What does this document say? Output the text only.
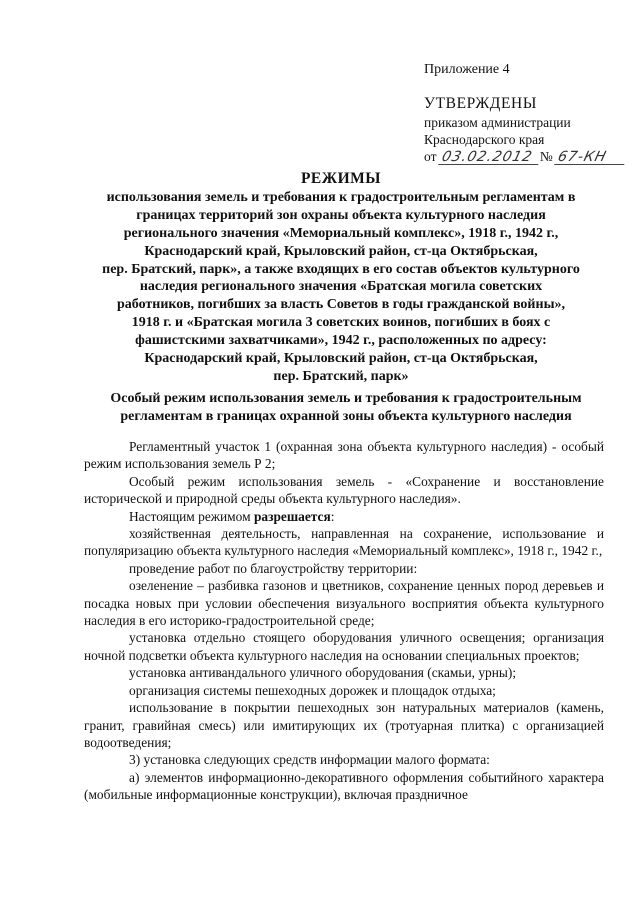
Приложение 4
УТВЕРЖДЕНЫ
приказом администрации
Краснодарского края
от 03.02.2012 № 67-КН
РЕЖИМЫ
использования земель и требования к градостроительным регламентам в
границах территорий зон охраны объекта культурного наследия
регионального значения «Мемориальный комплекс», 1918 г., 1942 г.,
Краснодарский край, Крыловский район, ст-ца Октябрьская,
пер. Братский, парк», а также входящих в его состав объектов культурного
наследия регионального значения «Братская могила советских
работников, погибших за власть Советов в годы гражданской войны»,
1918 г. и «Братская могила 3 советских воинов, погибших в боях с
фашистскими захватчиками», 1942 г., расположенных по адресу:
Краснодарский край, Крыловский район, ст-ца Октябрьская,
пер. Братский, парк»
Особый режим использования земель и требования к градостроительным
регламентам в границах охранной зоны объекта культурного наследия

Регламентный участок 1 (охранная зона объекта культурного наследия) - особый режим использования земель Р 2;

Особый режим использования земель - «Сохранение и восстановление исторической и природной среды объекта культурного наследия».

Настоящим режимом разрешается:

хозяйственная деятельность, направленная на сохранение, использование и популяризацию объекта культурного наследия «Мемориальный комплекс», 1918 г., 1942 г.,

проведение работ по благоустройству территории:

озеленение – разбивка газонов и цветников, сохранение ценных пород деревьев и посадка новых при условии обеспечения визуального восприятия объекта культурного наследия в его историко-градостроительной среде;

установка отдельно стоящего оборудования уличного освещения; организация ночной подсветки объекта культурного наследия на основании специальных проектов;

установка антивандального уличного оборудования (скамьи, урны);

организация системы пешеходных дорожек и площадок отдыха;

использование в покрытии пешеходных зон натуральных материалов (камень, гранит, гравийная смесь) или имитирующих их (тротуарная плитка) с организацией водоотведения;

3) установка следующих средств информации малого формата:

а) элементов информационно-декоративного оформления событийного характера (мобильные информационные конструкции), включая праздничное
